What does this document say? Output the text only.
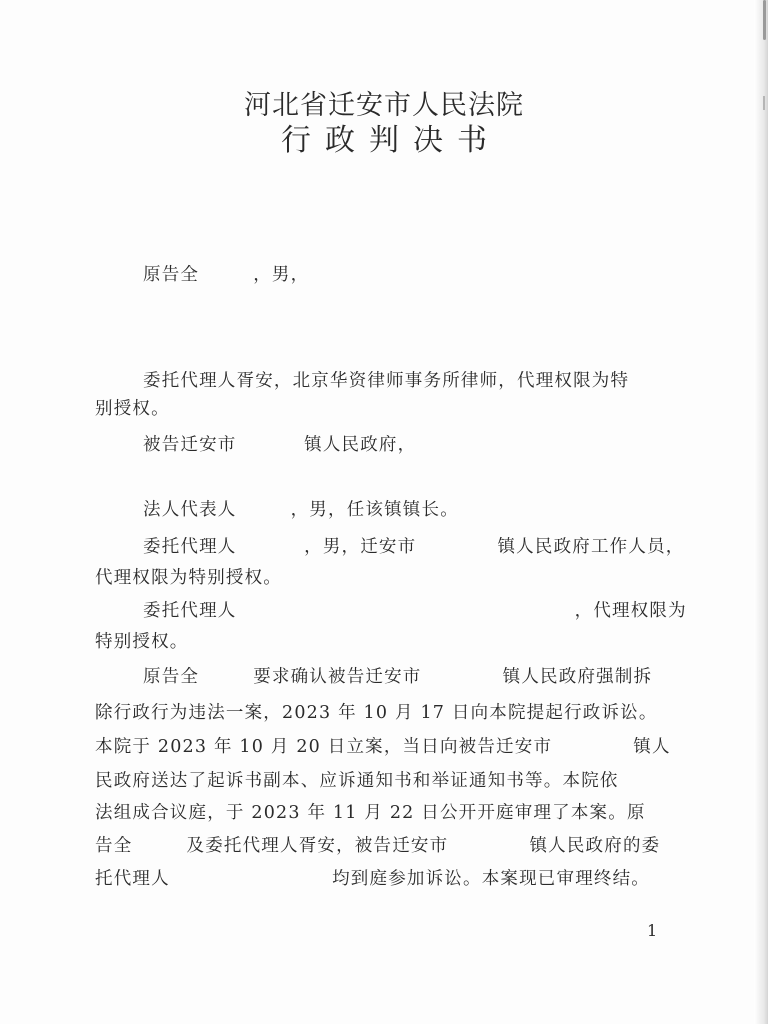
河北省迁安市人民法院
行政判决书
原告全        ，男，
委托代理人胥安，北京华资律师事务所律师，代理权限为特
别授权。
被告迁安市          镇人民政府，
法人代表人        ，男，任该镇镇长。
委托代理人          ，男，迁安市            镇人民政府工作人员，
代理权限为特别授权。
委托代理人                                                  ，代理权限为
特别授权。
原告全        要求确认被告迁安市            镇人民政府强制拆
除行政行为违法一案，2023 年 10 月 17 日向本院提起行政诉讼。
本院于 2023 年 10 月 20 日立案，当日向被告迁安市            镇人
民政府送达了起诉书副本、应诉通知书和举证通知书等。本院依
法组成合议庭，于 2023 年 11 月 22 日公开开庭审理了本案。原
告全        及委托代理人胥安，被告迁安市            镇人民政府的委
托代理人                        均到庭参加诉讼。本案现已审理终结。
1
